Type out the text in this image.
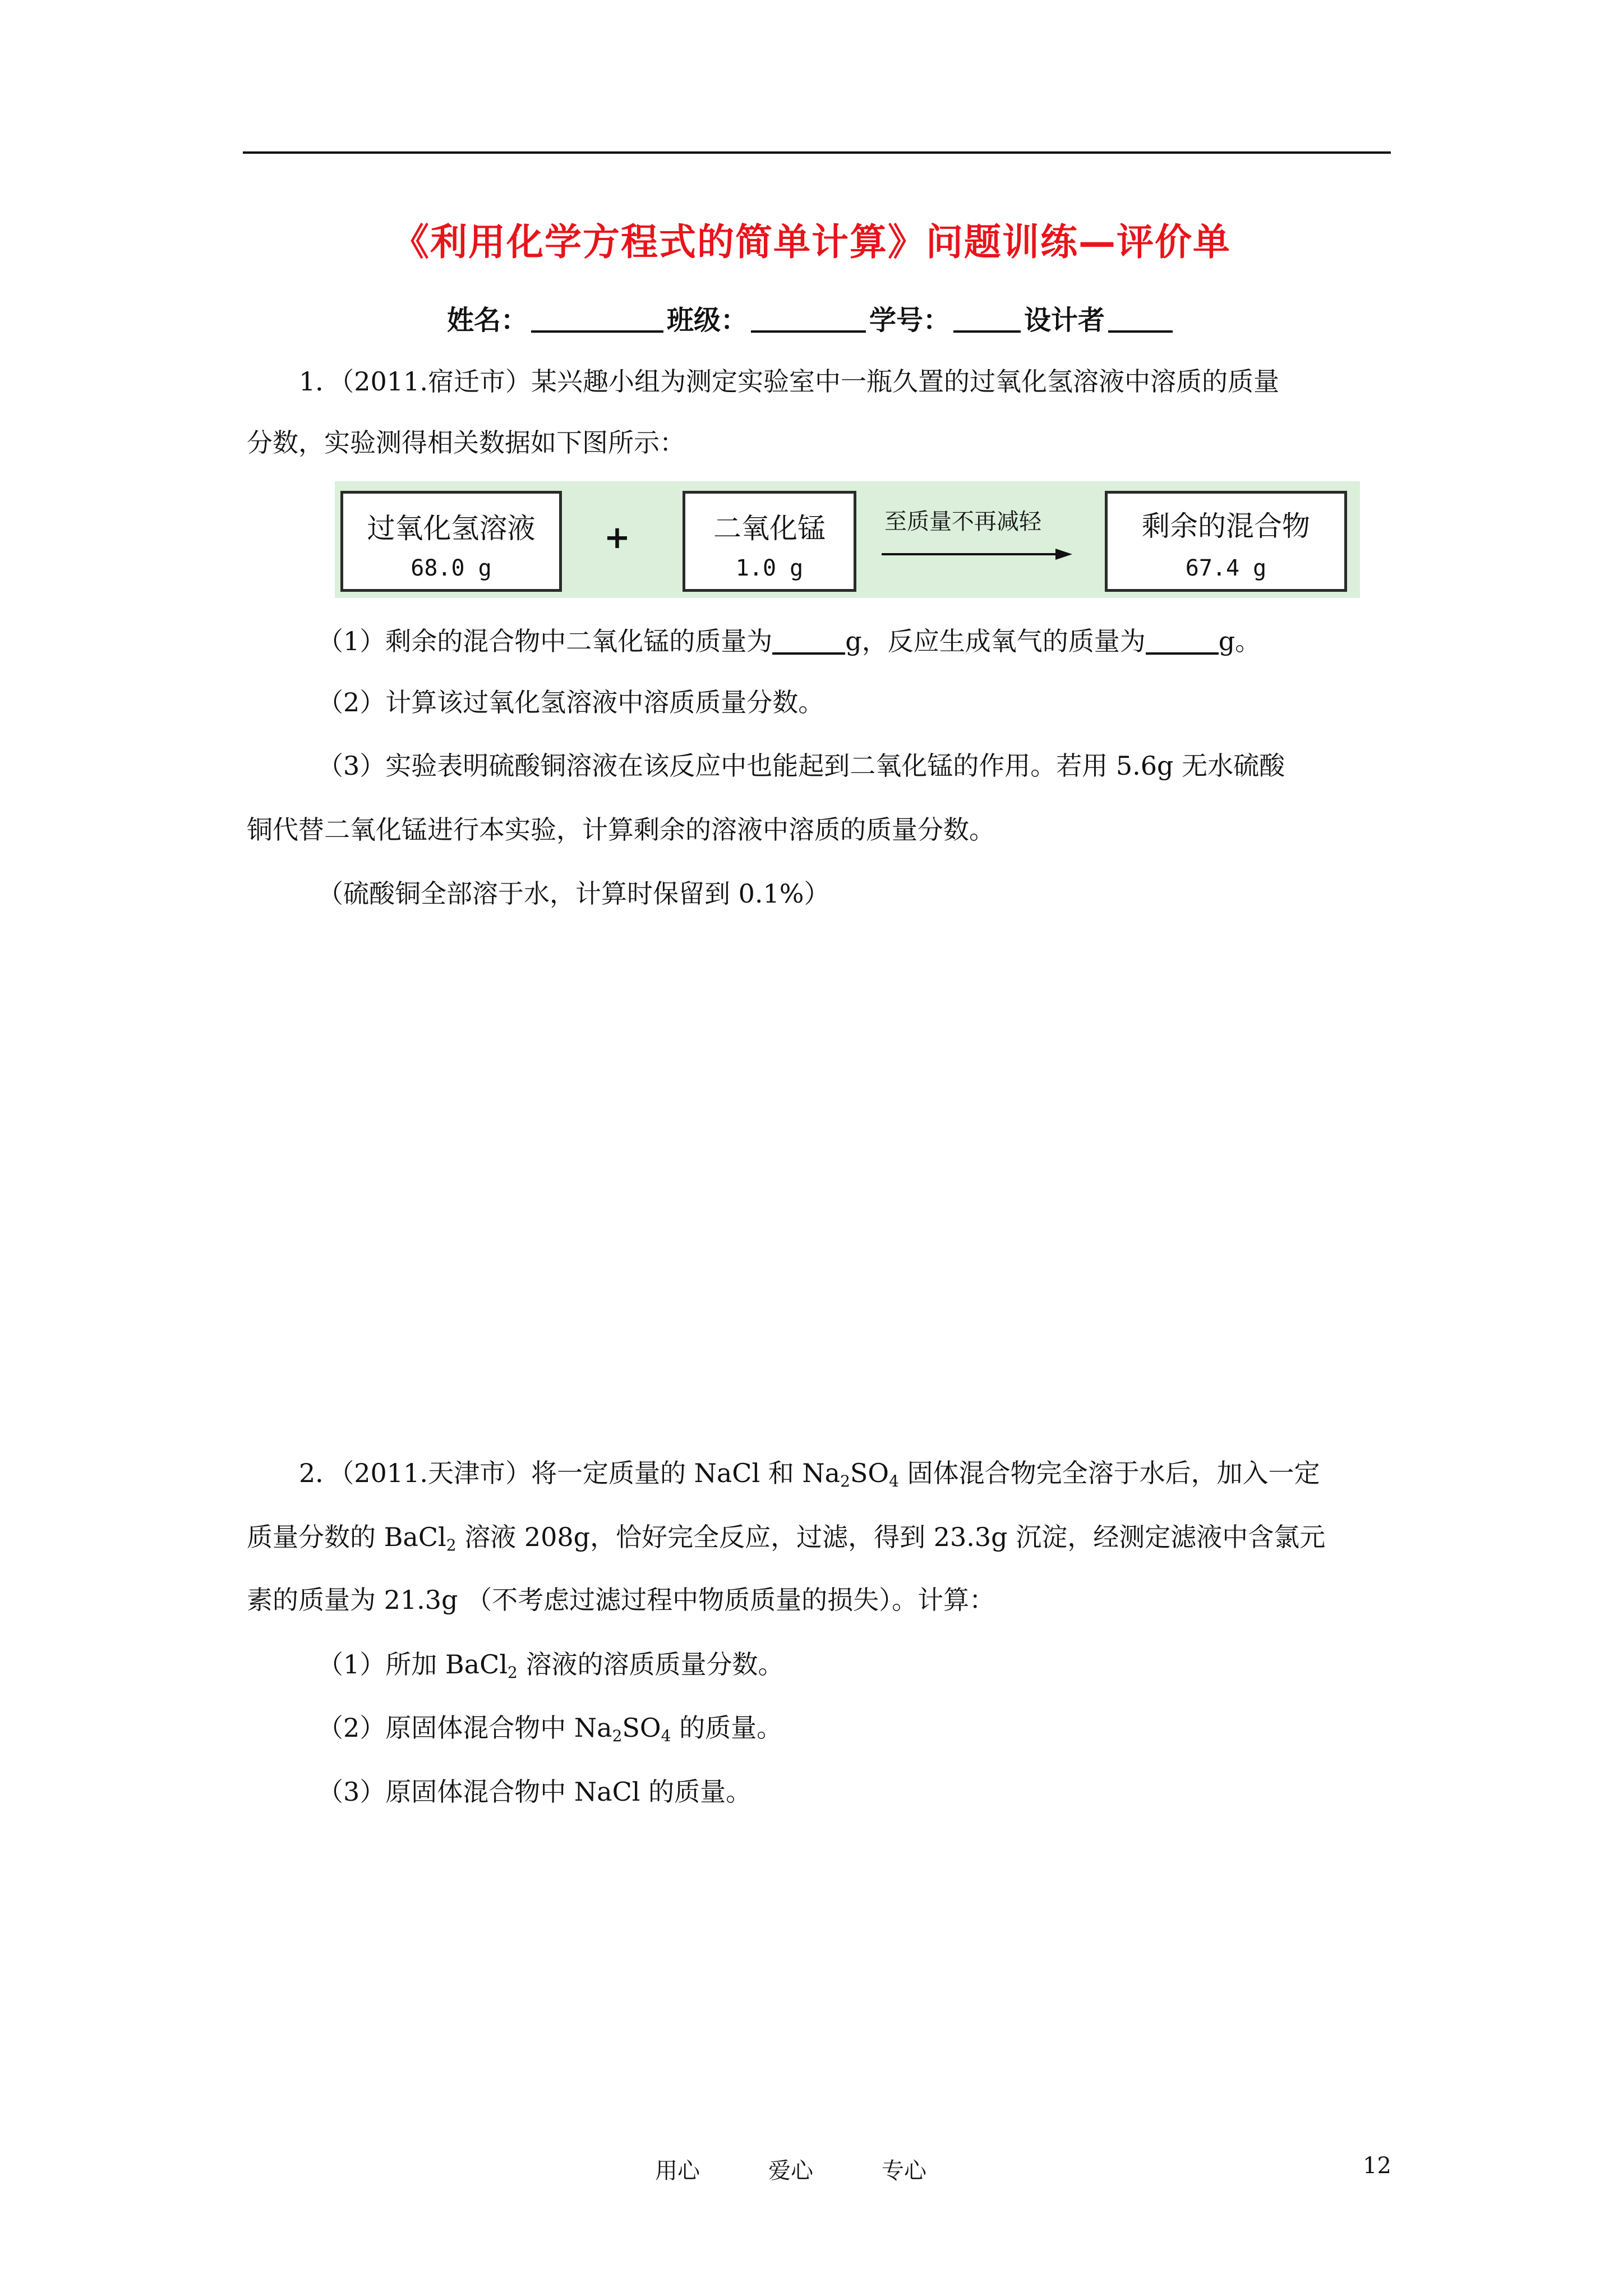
《利用化学方程式的简单计算》问题训练—评价单
姓名：	班级：	学号：	设计者
1．（2011.宿迁市）某兴趣小组为测定实验室中一瓶久置的过氧化氢溶液中溶质的质量
分数，实验测得相关数据如下图所示：
过氧化氢溶液
68.0 g
+	二氧化锰
1.0 g
至质量不再减轻	剩余的混合物
67.4 g
（1）剩余的混合物中二氧化锰的质量为	g，反应生成氧气的质量为	g。
（2）计算该过氧化氢溶液中溶质质量分数。
（3）实验表明硫酸铜溶液在该反应中也能起到二氧化锰的作用。若用 5.6g 无水硫酸
铜代替二氧化锰进行本实验，计算剩余的溶液中溶质的质量分数。
（硫酸铜全部溶于水，计算时保留到 0.1%）
2．（2011.天津市）将一定质量的 NaCl 和 $Na_2SO_4$ 固体混合物完全溶于水后，加入一定
质量分数的 BaCl$_2$ 溶液 208g，恰好完全反应，过滤，得到 23.3g 沉淀，经测定滤液中含氯元
素的质量为 21.3g （不考虑过滤过程中物质质量的损失）。计算：
（1）所加 BaCl$_2$ 溶液的溶质质量分数。
（2）原固体混合物中 $Na_2SO_4$ 的质量。
（3）原固体混合物中 NaCl 的质量。
用心	爱心	专心	12
